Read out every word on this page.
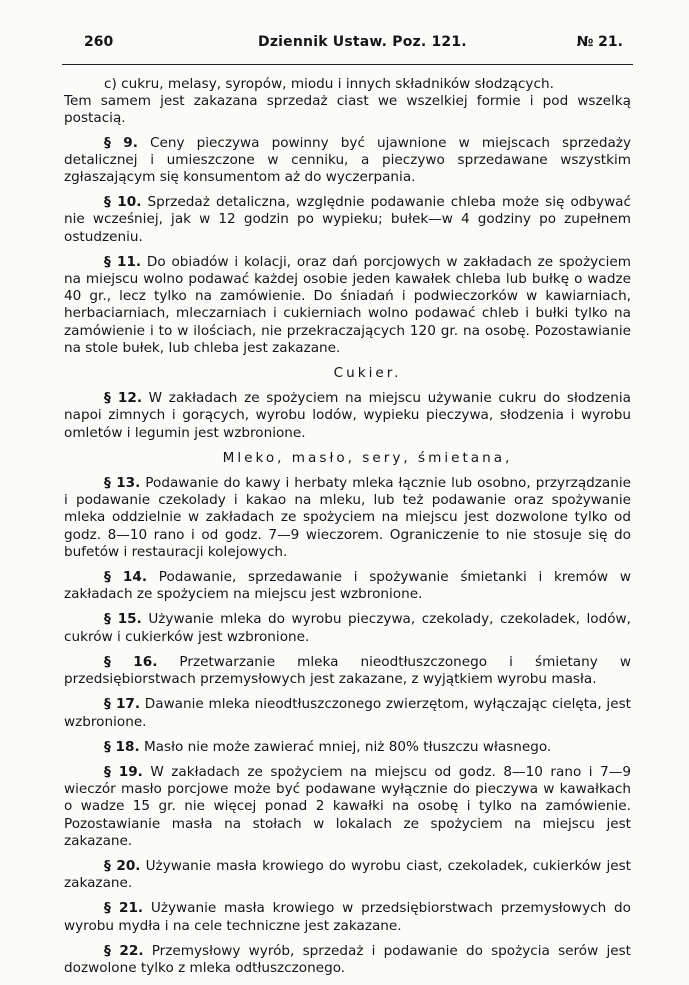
260	Dziennik Ustaw. Poz. 121.	№ 21.

c) cukru, melasy, syropów, miodu i innych składników słodzących.
Tem samem jest zakazana sprzedaż ciast we wszelkiej formie i pod wszelką postacią.

§ 9. Ceny pieczywa powinny być ujawnione w miejscach sprzedaży detalicznej i umieszczone w cenniku, a pieczywo sprzedawane wszystkim zgłaszającym się konsumentom aż do wyczerpania.

§ 10. Sprzedaż detaliczna, względnie podawanie chleba może się odbywać nie wcześniej, jak w 12 godzin po wypieku; bułek—w 4 godziny po zupełnem ostudzeniu.

§ 11. Do obiadów i kolacji, oraz dań porcjowych w zakładach ze spożyciem na miejscu wolno podawać każdej osobie jeden kawałek chleba lub bułkę o wadze 40 gr., lecz tylko na zamówienie. Do śniadań i podwieczorków w kawiarniach, herbaciarniach, mleczarniach i cukierniach wolno podawać chleb i bułki tylko na zamówienie i to w ilościach, nie przekraczających 120 gr. na osobę. Pozostawianie na stole bułek, lub chleba jest zakazane.

Cukier.

§ 12. W zakładach ze spożyciem na miejscu używanie cukru do słodzenia napoi zimnych i gorących, wyrobu lodów, wypieku pieczywa, słodzenia i wyrobu omletów i legumin jest wzbronione.

Mleko, masło, sery, śmietana,

§ 13. Podawanie do kawy i herbaty mleka łącznie lub osobno, przyrządzanie i podawanie czekolady i kakao na mleku, lub też podawanie oraz spożywanie mleka oddzielnie w zakładach ze spożyciem na miejscu jest dozwolone tylko od godz. 8—10 rano i od godz. 7—9 wieczorem. Ograniczenie to nie stosuje się do bufetów i restauracji kolejowych.

§ 14. Podawanie, sprzedawanie i spożywanie śmietanki i kremów w zakładach ze spożyciem na miejscu jest wzbronione.

§ 15. Używanie mleka do wyrobu pieczywa, czekolady, czekoladek, lodów, cukrów i cukierków jest wzbronione.

§ 16. Przetwarzanie mleka nieodtłuszczonego i śmietany w przedsiębiorstwach przemysłowych jest zakazane, z wyjątkiem wyrobu masła.

§ 17. Dawanie mleka nieodtłuszczonego zwierzętom, wyłączając cielęta, jest wzbronione.

§ 18. Masło nie może zawierać mniej, niż 80% tłuszczu własnego.

§ 19. W zakładach ze spożyciem na miejscu od godz. 8—10 rano i 7—9 wieczór masło porcjowe może być podawane wyłącznie do pieczywa w kawałkach o wadze 15 gr. nie więcej ponad 2 kawałki na osobę i tylko na zamówienie. Pozostawianie masła na stołach w lokalach ze spożyciem na miejscu jest zakazane.

§ 20. Używanie masła krowiego do wyrobu ciast, czekoladek, cukierków jest zakazane.

§ 21. Używanie masła krowiego w przedsiębiorstwach przemysłowych do wyrobu mydła i na cele techniczne jest zakazane.

§ 22. Przemysłowy wyrób, sprzedaż i podawanie do spożycia serów jest dozwolone tylko z mleka odtłuszczonego.
